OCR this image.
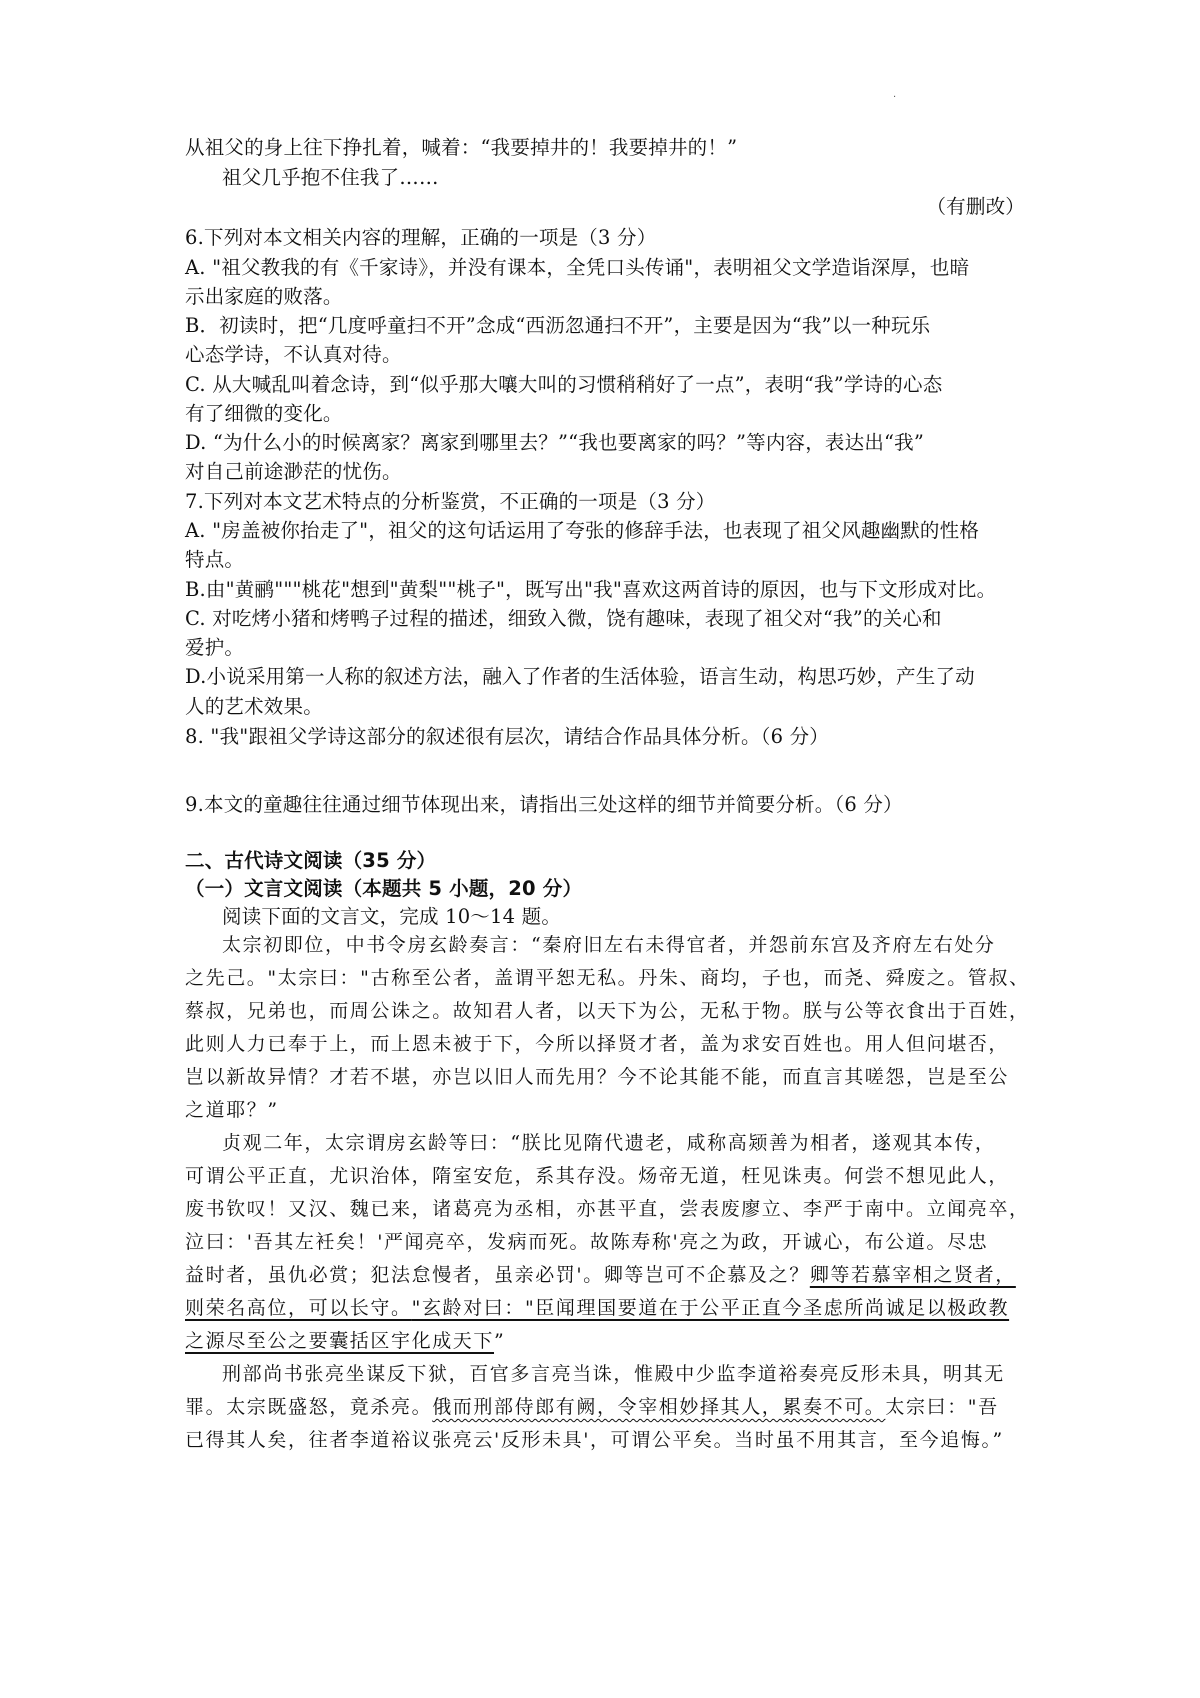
·
从祖父的身上往下挣扎着，喊着：“我要掉井的！我要掉井的！”
祖父几乎抱不住我了……
（有删改）
6.下列对本文相关内容的理解，正确的一项是（3 分）
A. "祖父教我的有《千家诗》，并没有课本，全凭口头传诵"，表明祖父文学造诣深厚，也暗
示出家庭的败落。
B．初读时，把“几度呼童扫不开”念成“西沥忽通扫不开”，主要是因为“我”以一种玩乐
心态学诗，不认真对待。
C. 从大喊乱叫着念诗，到“似乎那大嚷大叫的习惯稍稍好了一点”，表明“我”学诗的心态
有了细微的变化。
D. “为什么小的时候离家？离家到哪里去？”“我也要离家的吗？”等内容，表达出“我”
对自己前途渺茫的忧伤。
7.下列对本文艺术特点的分析鉴赏，不正确的一项是（3 分）
A. "房盖被你抬走了"，祖父的这句话运用了夸张的修辞手法，也表现了祖父风趣幽默的性格
特点。
B.由"黄鹂"""桃花"想到"黄梨""桃子"，既写出"我"喜欢这两首诗的原因，也与下文形成对比。
C. 对吃烤小猪和烤鸭子过程的描述，细致入微，饶有趣味，表现了祖父对“我”的关心和
爱护。
D.小说采用第一人称的叙述方法，融入了作者的生活体验，语言生动，构思巧妙，产生了动
人的艺术效果。
8. "我"跟祖父学诗这部分的叙述很有层次，请结合作品具体分析。（6 分）
9.本文的童趣往往通过细节体现出来，请指出三处这样的细节并简要分析。（6 分）
二、古代诗文阅读（35 分）
（一）文言文阅读（本题共 5 小题，20 分）
阅读下面的文言文，完成 10～14 题。
太宗初即位，中书令房玄龄奏言：“秦府旧左右未得官者，并怨前东宫及齐府左右处分
之先己。"太宗曰："古称至公者，盖谓平恕无私。丹朱、商均，子也，而尧、舜废之。管叔、
蔡叔，兄弟也，而周公诛之。故知君人者，以天下为公，无私于物。朕与公等衣食出于百姓，
此则人力已奉于上，而上恩未被于下，今所以择贤才者，盖为求安百姓也。用人但问堪否，
岂以新故异情？才若不堪，亦岂以旧人而先用？今不论其能不能，而直言其嗟怨，岂是至公
之道耶？”
贞观二年，太宗谓房玄龄等曰：“朕比见隋代遗老，咸称高颎善为相者，遂观其本传，
可谓公平正直，尤识治体，隋室安危，系其存没。炀帝无道，枉见诛夷。何尝不想见此人，
废书钦叹！又汉、魏已来，诸葛亮为丞相，亦甚平直，尝表废廖立、李严于南中。立闻亮卒，
泣曰：'吾其左衽矣！'严闻亮卒，发病而死。故陈寿称'亮之为政，开诚心，布公道。尽忠
益时者，虽仇必赏；犯法怠慢者，虽亲必罚'。卿等岂可不企慕及之？卿等若慕宰相之贤者，
则荣名高位，可以长守。"玄龄对曰："臣闻理国要道在于公平正直今圣虑所尚诚足以极政教
之源尽至公之要囊括区宇化成天下”
刑部尚书张亮坐谋反下狱，百官多言亮当诛，惟殿中少监李道裕奏亮反形未具，明其无
罪。太宗既盛怒，竟杀亮。俄而刑部侍郎有阙，令宰相妙择其人，累奏不可。太宗曰："吾
已得其人矣，往者李道裕议张亮云'反形未具'，可谓公平矣。当时虽不用其言，至今追悔。”
